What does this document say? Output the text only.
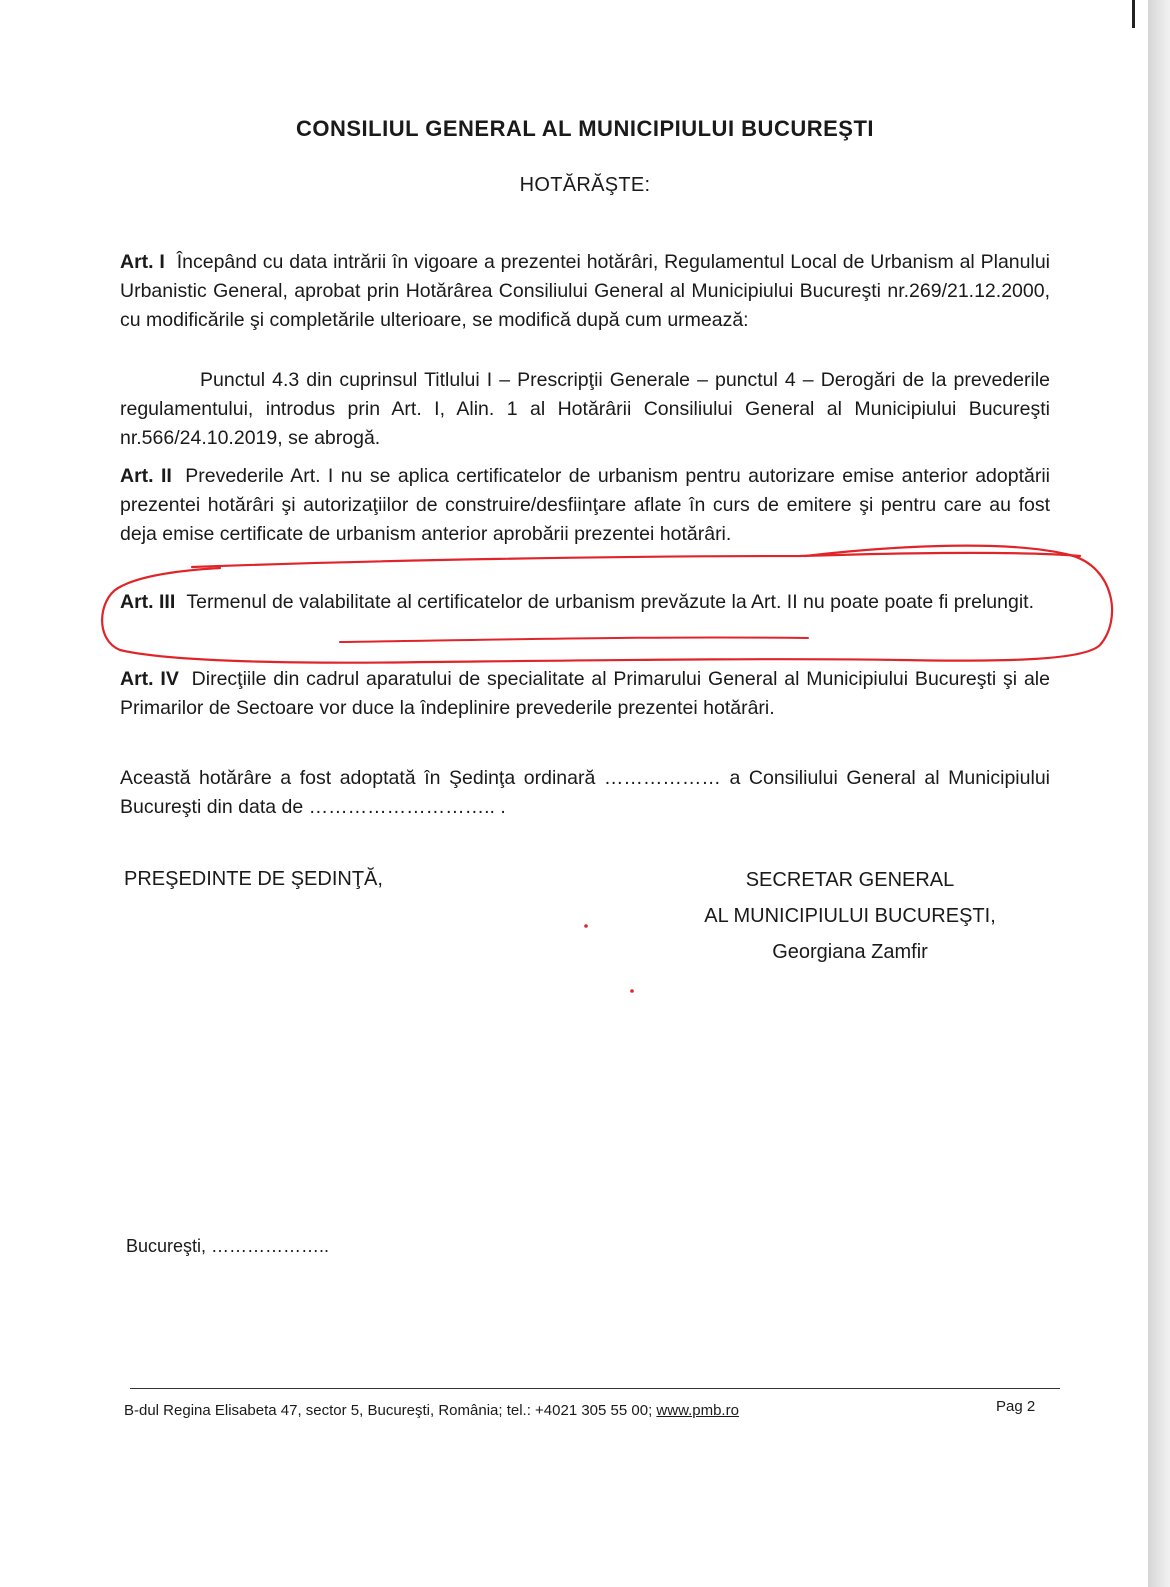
CONSILIUL GENERAL AL MUNICIPIULUI BUCUREŞTI
HOTĂRĂŞTE:
Art. I Începând cu data intrării în vigoare a prezentei hotărâri, Regulamentul Local de Urbanism al Planului Urbanistic General, aprobat prin Hotărârea Consiliului General al Municipiului Bucureşti nr.269/21.12.2000, cu modificările şi completările ulterioare, se modifică după cum urmează:
Punctul 4.3 din cuprinsul Titlului I – Prescripţii Generale – punctul 4 – Derogări de la prevederile regulamentului, introdus prin Art. I, Alin. 1 al Hotărârii Consiliului General al Municipiului Bucureşti nr.566/24.10.2019, se abrogă.
Art. II Prevederile Art. I nu se aplica certificatelor de urbanism pentru autorizare emise anterior adoptării prezentei hotărâri şi autorizaţiilor de construire/desfiinţare aflate în curs de emitere şi pentru care au fost deja emise certificate de urbanism anterior aprobării prezentei hotărâri.
Art. III Termenul de valabilitate al certificatelor de urbanism prevăzute la Art. II nu poate poate fi prelungit.
Art. IV Direcţiile din cadrul aparatului de specialitate al Primarului General al Municipiului Bucureşti şi ale Primarilor de Sectoare vor duce la îndeplinire prevederile prezentei hotărâri.
Această hotărâre a fost adoptată în Şedinţa ordinară ……………… a Consiliului General al Municipiului Bucureşti din data de ……………………….. .
PREŞEDINTE DE ŞEDINŢĂ,	SECRETAR GENERAL
AL MUNICIPIULUI BUCUREŞTI,
Georgiana Zamfir
Bucureşti, ………………..
B-dul Regina Elisabeta 47, sector 5, Bucureşti, România; tel.: +4021 305 55 00; www.pmb.ro	Pag 2
